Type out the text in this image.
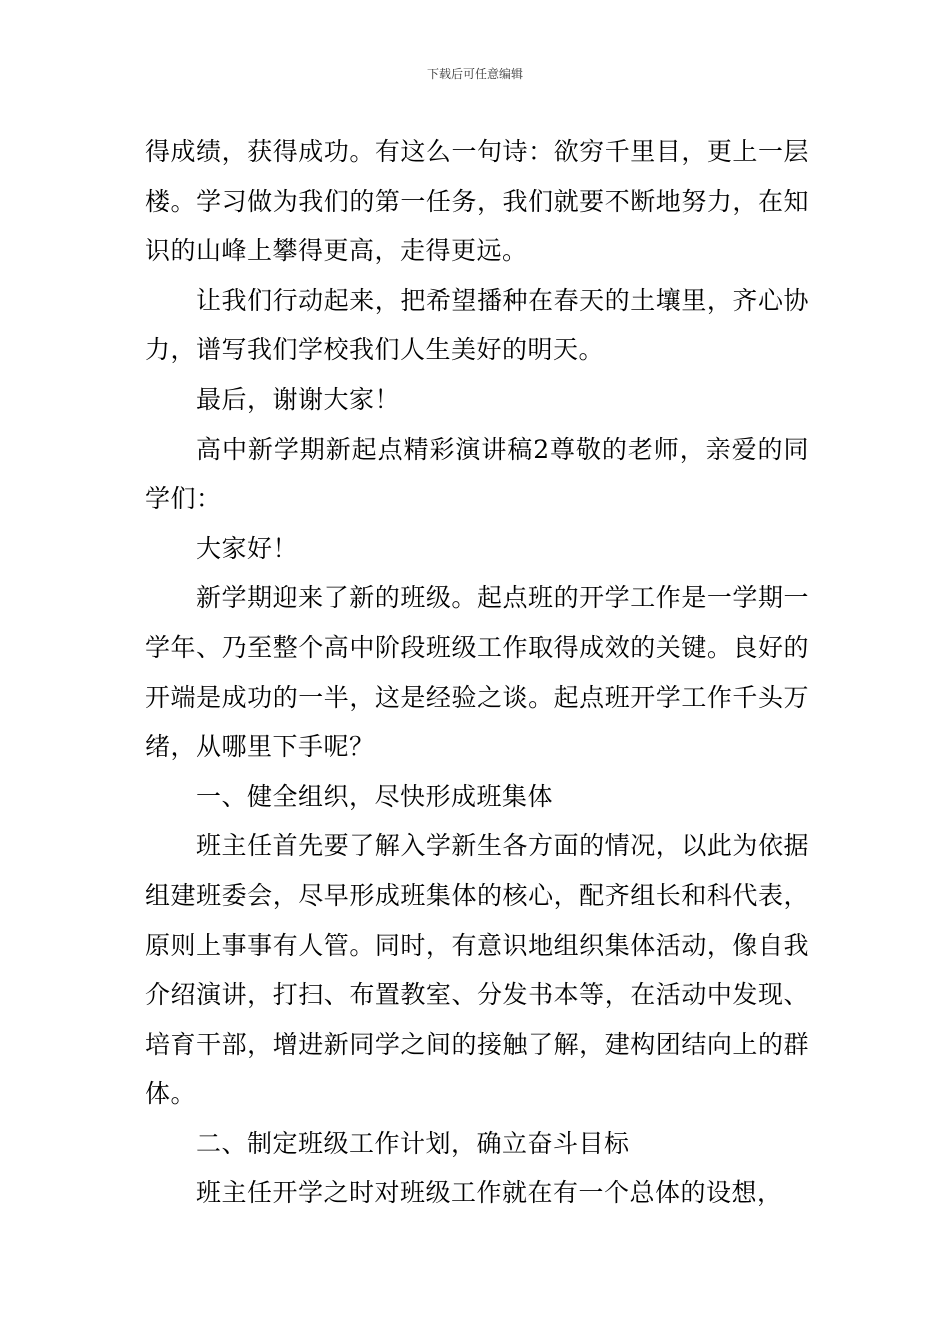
下载后可任意编辑

得成绩，获得成功。有这么一句诗：欲穷千里目，更上一层楼。学习做为我们的第一任务，我们就要不断地努力，在知识的山峰上攀得更高，走得更远。

让我们行动起来，把希望播种在春天的土壤里，齐心协力，谱写我们学校我们人生美好的明天。

最后，谢谢大家！

高中新学期新起点精彩演讲稿2尊敬的老师，亲爱的同学们：

大家好！

新学期迎来了新的班级。起点班的开学工作是一学期一学年、乃至整个高中阶段班级工作取得成效的关键。良好的开端是成功的一半，这是经验之谈。起点班开学工作千头万绪，从哪里下手呢？

一、健全组织，尽快形成班集体

班主任首先要了解入学新生各方面的情况，以此为依据组建班委会，尽早形成班集体的核心，配齐组长和科代表，原则上事事有人管。同时，有意识地组织集体活动，像自我介绍演讲，打扫、布置教室、分发书本等，在活动中发现、培育干部，增进新同学之间的接触了解，建构团结向上的群体。

二、制定班级工作计划，确立奋斗目标

班主任开学之时对班级工作就在有一个总体的设想，
